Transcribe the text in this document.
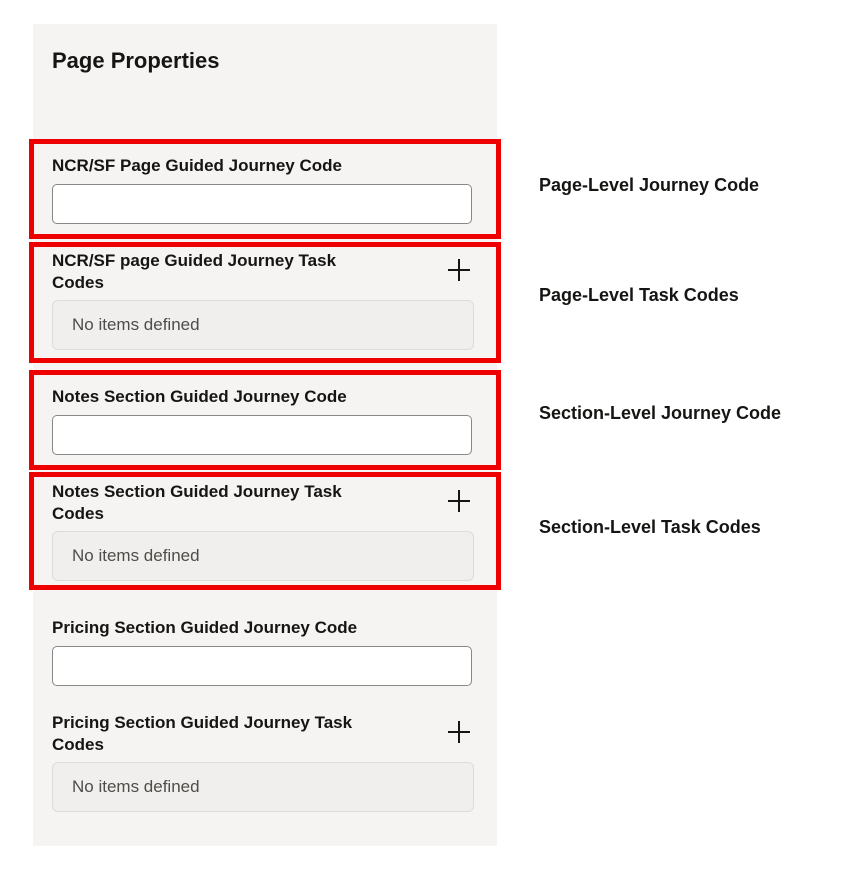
Page Properties
NCR/SF Page Guided Journey Code
NCR/SF page Guided Journey Task Codes
No items defined
Notes Section Guided Journey Code
Notes Section Guided Journey Task Codes
No items defined
Pricing Section Guided Journey Code
Pricing Section Guided Journey Task Codes
No items defined
Page-Level Journey Code
Page-Level Task Codes
Section-Level Journey Code
Section-Level Task Codes
